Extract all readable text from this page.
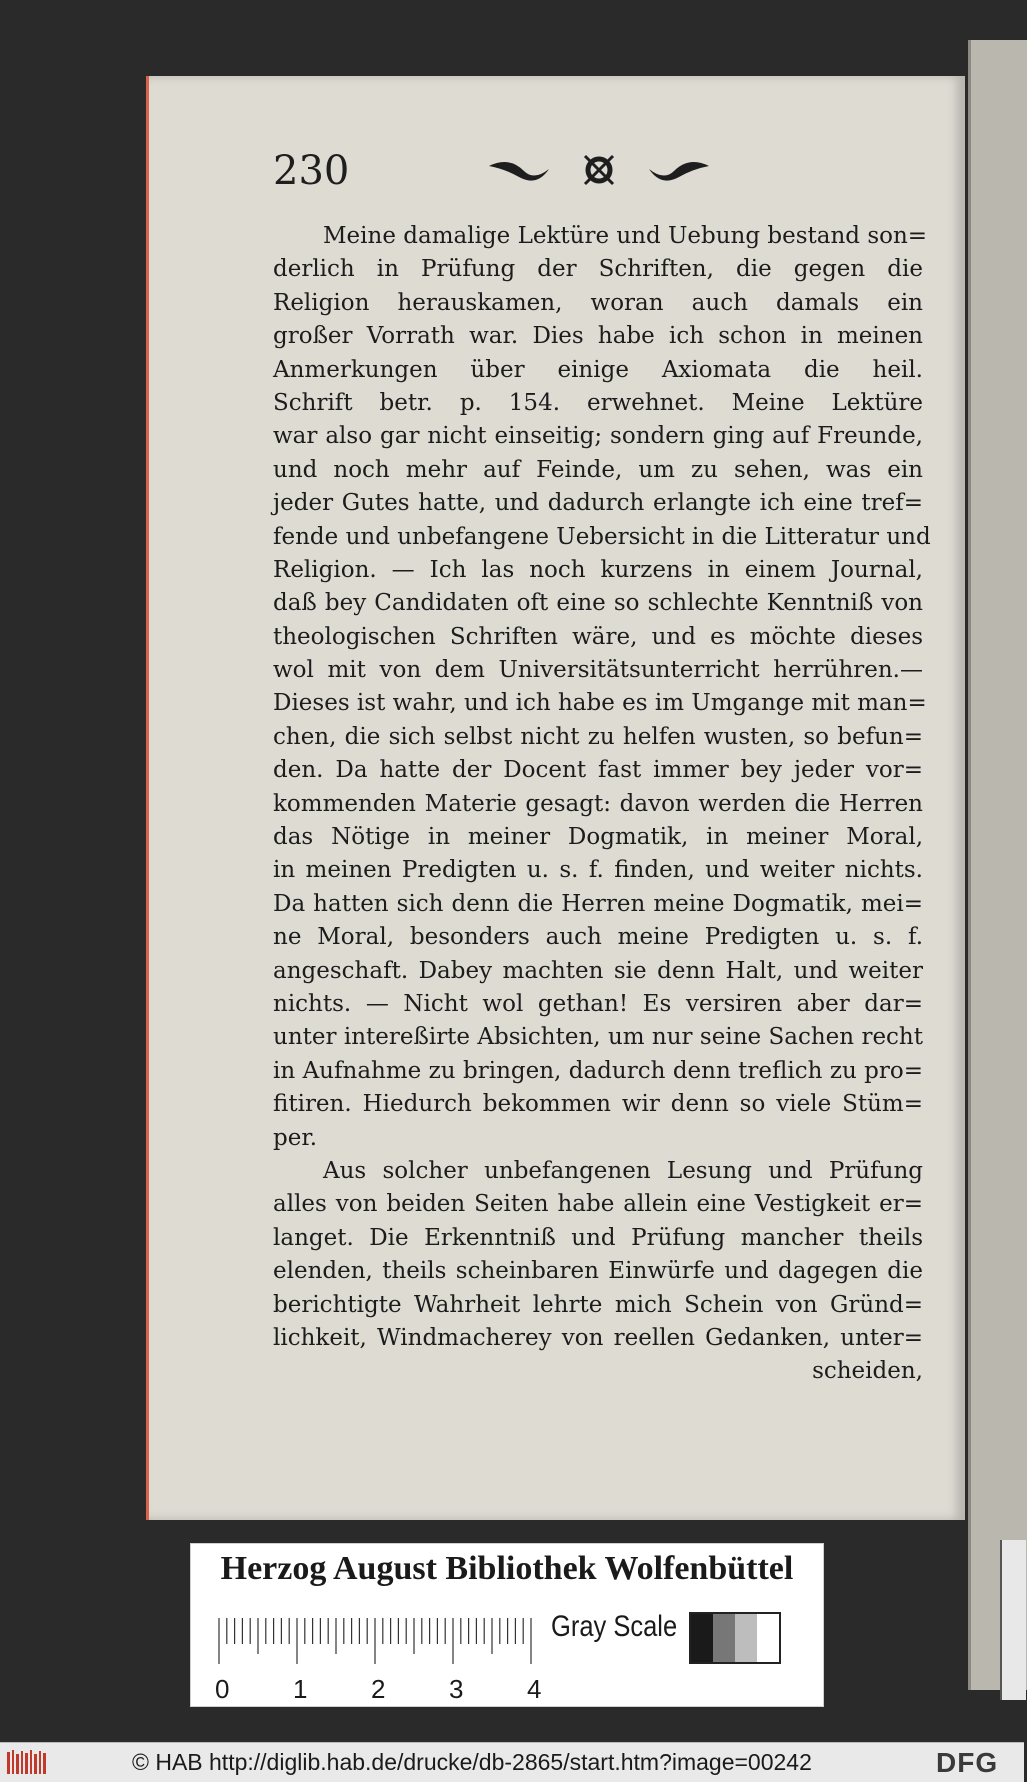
230
Meine damalige Lektüre und Uebung bestand son=
derlich in Prüfung der Schriften, die gegen die
Religion herauskamen, woran auch damals ein
großer Vorrath war. Dies habe ich schon in meinen
Anmerkungen über einige Axiomata die heil.
Schrift betr. p. 154. erwehnet. Meine Lektüre
war also gar nicht einseitig; sondern ging auf Freunde,
und noch mehr auf Feinde, um zu sehen, was ein
jeder Gutes hatte, und dadurch erlangte ich eine tref=
fende und unbefangene Uebersicht in die Litteratur und
Religion. — Ich las noch kurzens in einem Journal,
daß bey Candidaten oft eine so schlechte Kenntniß von
theologischen Schriften wäre, und es möchte dieses
wol mit von dem Universitätsunterricht herrühren.—
Dieses ist wahr, und ich habe es im Umgange mit man=
chen, die sich selbst nicht zu helfen wusten, so befun=
den. Da hatte der Docent fast immer bey jeder vor=
kommenden Materie gesagt: davon werden die Herren
das Nötige in meiner Dogmatik, in meiner Moral,
in meinen Predigten u. s. f. finden, und weiter nichts.
Da hatten sich denn die Herren meine Dogmatik, mei=
ne Moral, besonders auch meine Predigten u. s. f.
angeschaft. Dabey machten sie denn Halt, und weiter
nichts. — Nicht wol gethan! Es versiren aber dar=
unter intereßirte Absichten, um nur seine Sachen recht
in Aufnahme zu bringen, dadurch denn treflich zu pro=
fitiren. Hiedurch bekommen wir denn so viele Stüm=
per.
Aus solcher unbefangenen Lesung und Prüfung
alles von beiden Seiten habe allein eine Vestigkeit er=
langet. Die Erkenntniß und Prüfung mancher theils
elenden, theils scheinbaren Einwürfe und dagegen die
berichtigte Wahrheit lehrte mich Schein von Gründ=
lichkeit, Windmacherey von reellen Gedanken, unter=
scheiden,
Herzog August Bibliothek Wolfenbüttel
0 1 2 3 4
Gray Scale
© HAB http://diglib.hab.de/drucke/db-2865/start.htm?image=00242	DFG
